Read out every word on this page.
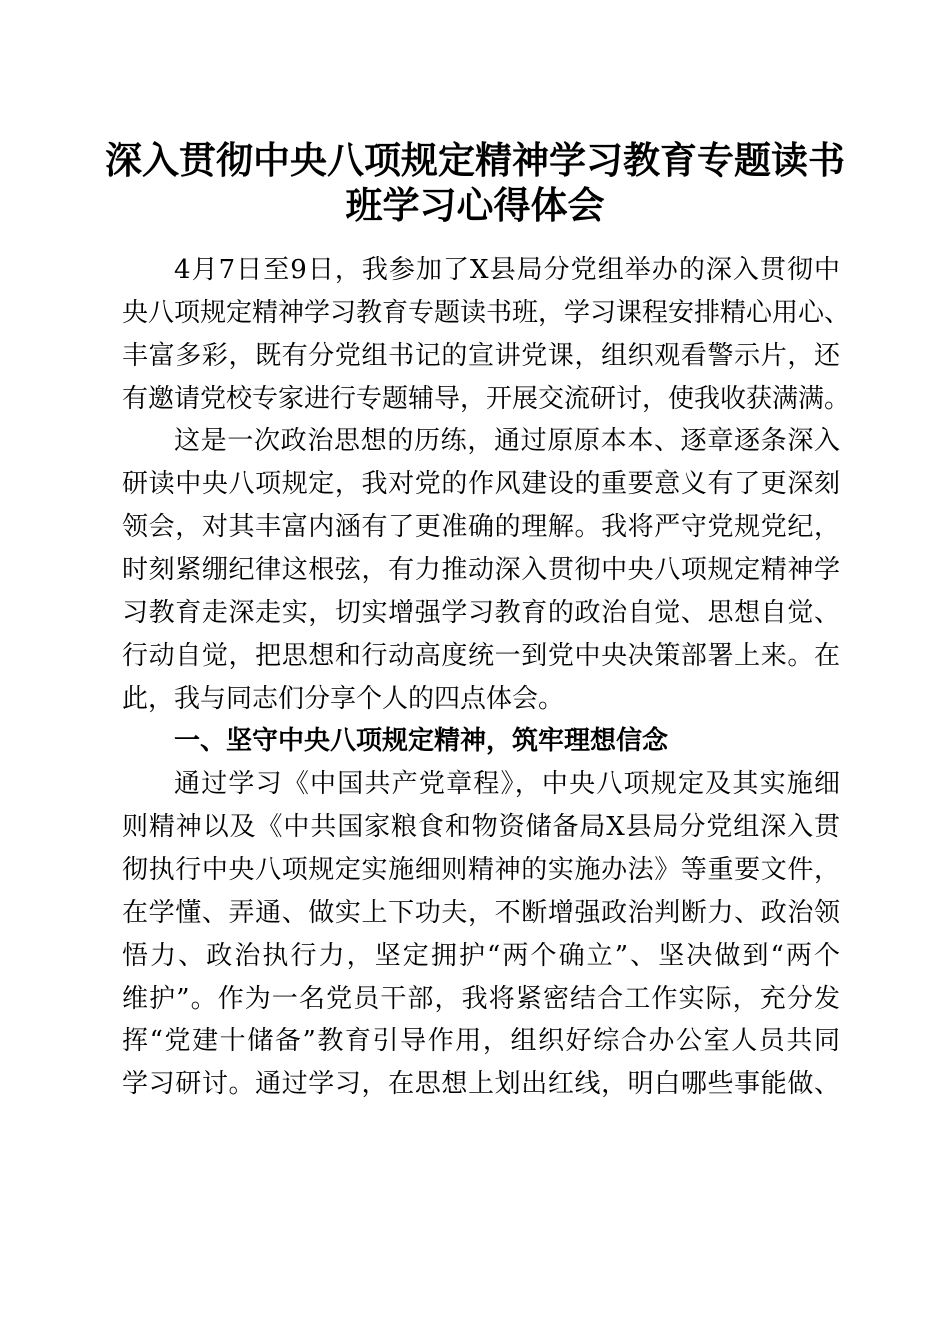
深入贯彻中央八项规定精神学习教育专题读书
班学习心得体会
4月7日至9日，我参加了X县局分党组举办的深入贯彻中
央八项规定精神学习教育专题读书班，学习课程安排精心用心、
丰富多彩，既有分党组书记的宣讲党课，组织观看警示片，还
有邀请党校专家进行专题辅导，开展交流研讨，使我收获满满。
这是一次政治思想的历练，通过原原本本、逐章逐条深入
研读中央八项规定，我对党的作风建设的重要意义有了更深刻
领会，对其丰富内涵有了更准确的理解。我将严守党规党纪，
时刻紧绷纪律这根弦，有力推动深入贯彻中央八项规定精神学
习教育走深走实，切实增强学习教育的政治自觉、思想自觉、
行动自觉，把思想和行动高度统一到党中央决策部署上来。在
此，我与同志们分享个人的四点体会。
一、坚守中央八项规定精神，筑牢理想信念
通过学习《中国共产党章程》，中央八项规定及其实施细
则精神以及《中共国家粮食和物资储备局X县局分党组深入贯
彻执行中央八项规定实施细则精神的实施办法》等重要文件，
在学懂、弄通、做实上下功夫，不断增强政治判断力、政治领
悟力、政治执行力，坚定拥护“两个确立”、坚决做到“两个
维护”。作为一名党员干部，我将紧密结合工作实际，充分发
挥“党建十储备”教育引导作用，组织好综合办公室人员共同
学习研讨。通过学习，在思想上划出红线，明白哪些事能做、
